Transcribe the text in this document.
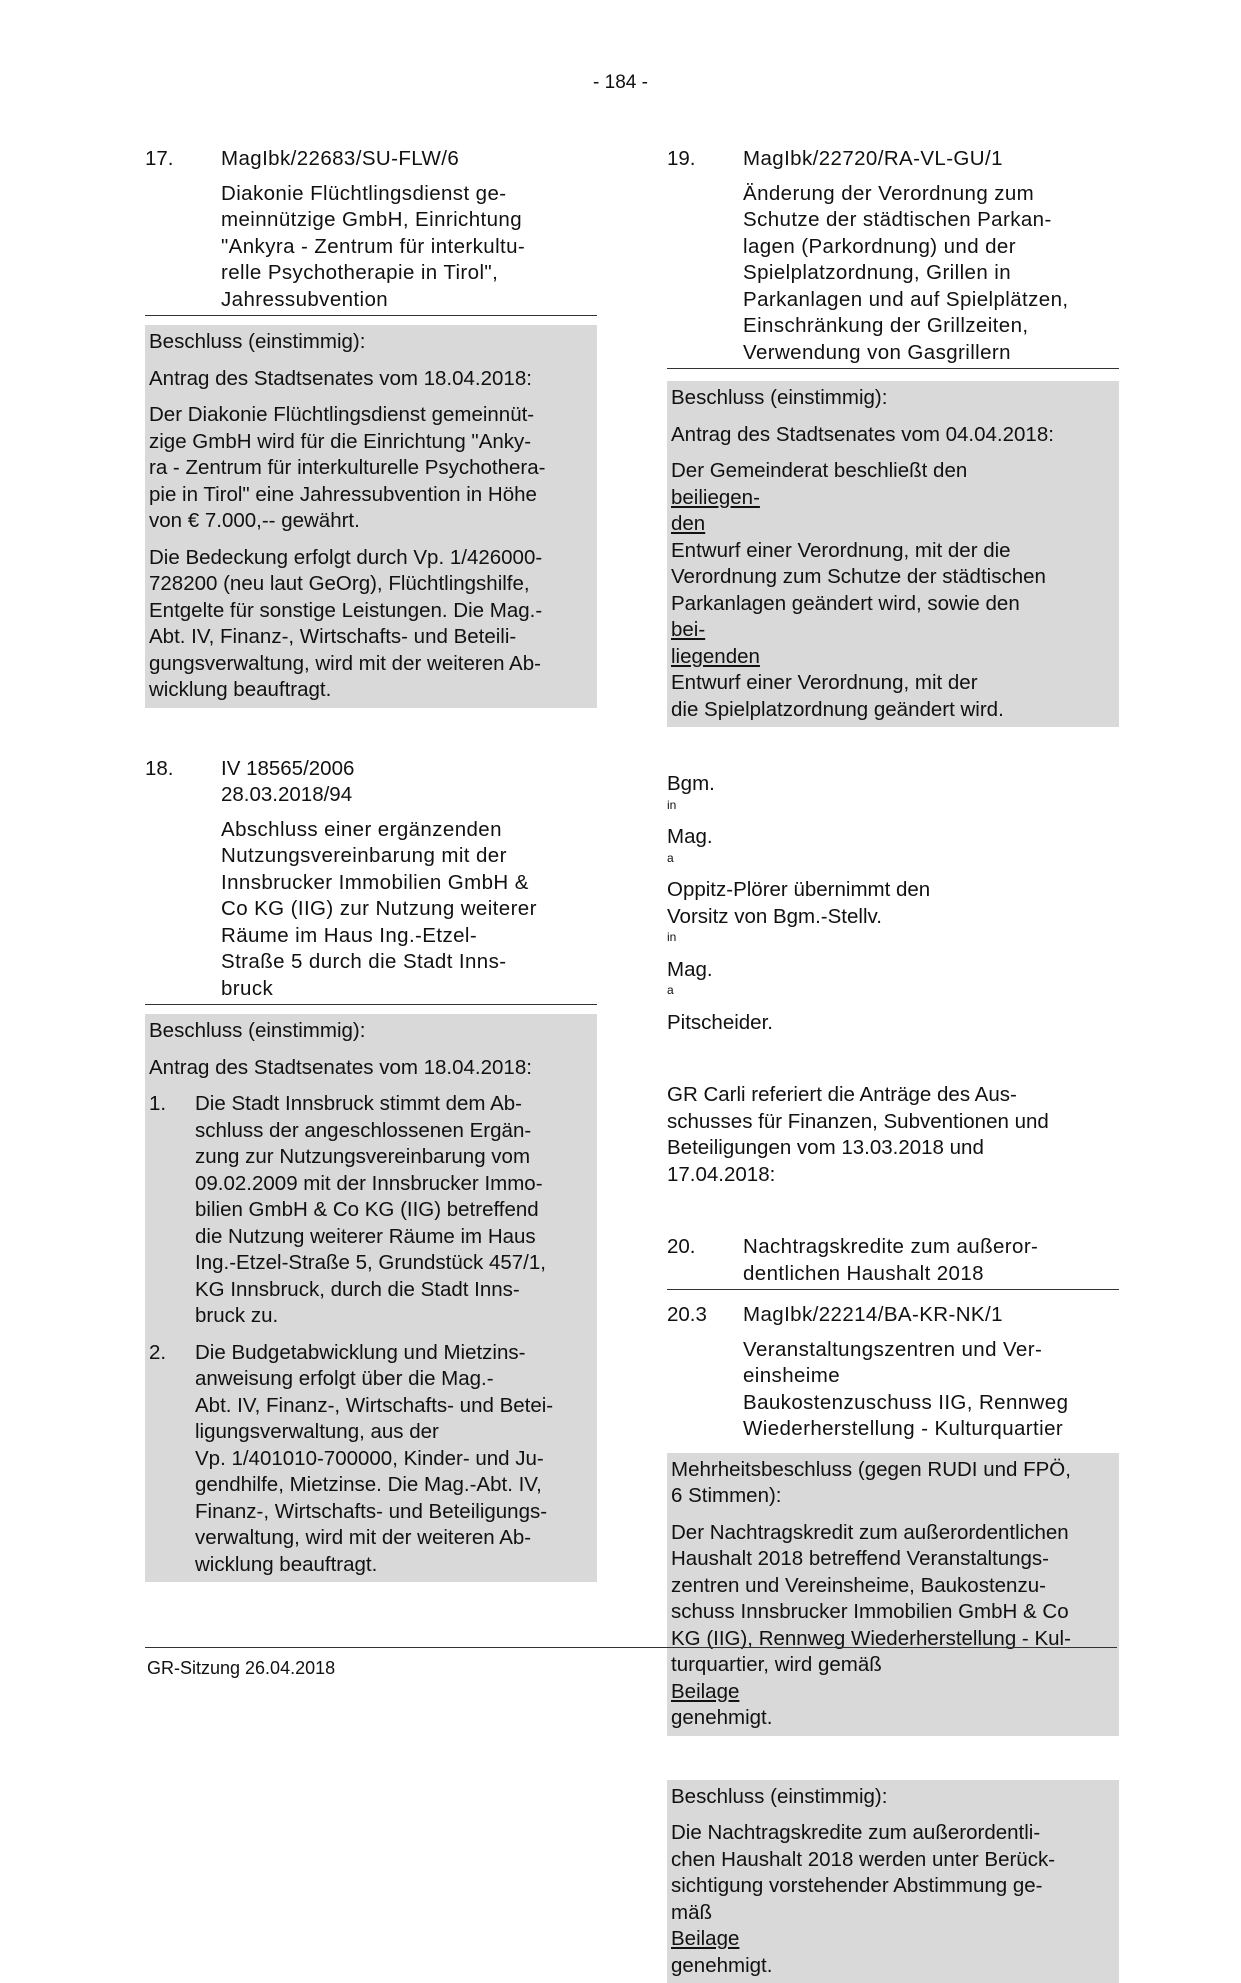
- 184 -
17.	MagIbk/22683/SU-FLW/6
Diakonie Flüchtlingsdienst ge-
meinnützige GmbH, Einrichtung
"Ankyra - Zentrum für interkultu-
relle Psychotherapie in Tirol",
Jahressubvention

Beschluss (einstimmig):

Antrag des Stadtsenates vom 18.04.2018:

Der Diakonie Flüchtlingsdienst gemeinnüt-
zige GmbH wird für die Einrichtung "Anky-
ra - Zentrum für interkulturelle Psychothera-
pie in Tirol" eine Jahressubvention in Höhe
von € 7.000,-- gewährt.

Die Bedeckung erfolgt durch Vp. 1/426000-
728200 (neu laut GeOrg), Flüchtlingshilfe,
Entgelte für sonstige Leistungen. Die Mag.-
Abt. IV, Finanz-, Wirtschafts- und Beteili-
gungsverwaltung, wird mit der weiteren Ab-
wicklung beauftragt.

18.	IV 18565/2006
28.03.2018/94
Abschluss einer ergänzenden
Nutzungsvereinbarung mit der
Innsbrucker Immobilien GmbH &
Co KG (IIG) zur Nutzung weiterer
Räume im Haus Ing.-Etzel-
Straße 5 durch die Stadt Inns-
bruck

Beschluss (einstimmig):

Antrag des Stadtsenates vom 18.04.2018:

1.	Die Stadt Innsbruck stimmt dem Ab-
schluss der angeschlossenen Ergän-
zung zur Nutzungsvereinbarung vom
09.02.2009 mit der Innsbrucker Immo-
bilien GmbH & Co KG (IIG) betreffend
die Nutzung weiterer Räume im Haus
Ing.-Etzel-Straße 5, Grundstück 457/1,
KG Innsbruck, durch die Stadt Inns-
bruck zu.
2.	Die Budgetabwicklung und Mietzins-
anweisung erfolgt über die Mag.-
Abt. IV, Finanz-, Wirtschafts- und Betei-
ligungsverwaltung, aus der
Vp. 1/401010-700000, Kinder- und Ju-
gendhilfe, Mietzinse. Die Mag.-Abt. IV,
Finanz-, Wirtschafts- und Beteiligungs-
verwaltung, wird mit der weiteren Ab-
wicklung beauftragt.
19.	MagIbk/22720/RA-VL-GU/1
Änderung der Verordnung zum
Schutze der städtischen Parkan-
lagen (Parkordnung) und der
Spielplatzordnung, Grillen in
Parkanlagen und auf Spielplätzen,
Einschränkung der Grillzeiten,
Verwendung von Gasgrillern

Beschluss (einstimmig):

Antrag des Stadtsenates vom 04.04.2018:

Der Gemeinderat beschließt den
beiliegen-
den
Entwurf einer Verordnung, mit der die
Verordnung zum Schutze der städtischen
Parkanlagen geändert wird, sowie den
bei-
liegenden
Entwurf einer Verordnung, mit der
die Spielplatzordnung geändert wird.

Bgm.
$^{in}$
Mag.
$^a$
Oppitz-Plörer übernimmt den
Vorsitz von Bgm.-Stellv.
$^{in}$
Mag.
$^a$
Pitscheider.
GR Carli referiert die Anträge des Aus-
schusses für Finanzen, Subventionen und
Beteiligungen vom 13.03.2018 und
17.04.2018:
20.	Nachtragskredite zum außeror-
dentlichen Haushalt 2018
20.3	MagIbk/22214/BA-KR-NK/1
Veranstaltungszentren und Ver-
einsheime
Baukostenzuschuss IIG, Rennweg
Wiederherstellung - Kulturquartier

Mehrheitsbeschluss (gegen RUDI und FPÖ,
6 Stimmen):

Der Nachtragskredit zum außerordentlichen
Haushalt 2018 betreffend Veranstaltungs-
zentren und Vereinsheime, Baukostenzu-
schuss Innsbrucker Immobilien GmbH & Co
KG (IIG), Rennweg Wiederherstellung - Kul-
turquartier, wird gemäß
Beilage
genehmigt.

Beschluss (einstimmig):

Die Nachtragskredite zum außerordentli-
chen Haushalt 2018 werden unter Berück-
sichtigung vorstehender Abstimmung ge-
mäß
Beilage
genehmigt.

GR-Sitzung 26.04.2018
